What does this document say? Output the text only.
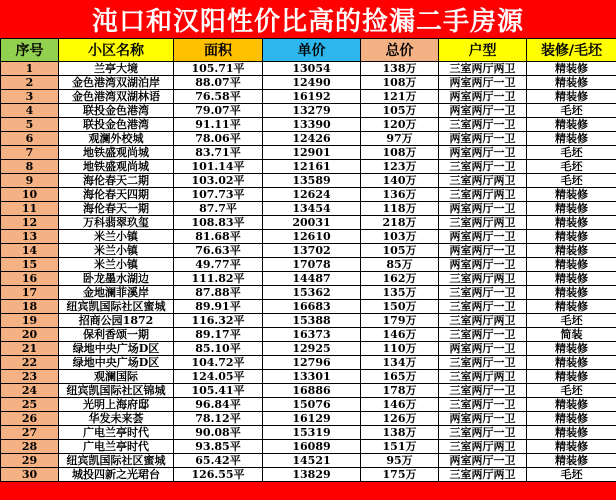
沌口和汉阳性价比高的捡漏二手房源
序号	小区名称	面积	单价	总价	户型	装修/毛坯
1	兰亭大境	105.71平	13054	138万	三室两厅两卫	精装修
2	金色港湾双湖泊岸	88.07平	12490	108万	两室两厅一卫	精装修
3	金色港湾双湖林语	76.58平	16192	121万	两室两厅一卫	精装修
4	联投金色港湾	79.07平	13279	105万	两室两厅一卫	毛坯
5	联投金色港湾	91.11平	13390	120万	三室两厅一卫	精装修
6	观澜外校城	78.06平	12426	97万	两室两厅一卫	精装修
7	地铁盛观尚城	83.71平	12901	108万	两室两厅一卫	毛坯
8	地铁盛观尚城	101.14平	12161	123万	三室两厅一卫	毛坯
9	海伦春天二期	103.02平	13589	140万	三室两厅两卫	毛坯
10	海伦春天四期	107.73平	12624	136万	三室两厅两卫	精装修
11	海伦春天一期	87.7平	13454	118万	两室两厅一卫	精装修
12	万科翡翠玖玺	108.83平	20031	218万	三室两厅两卫	精装修
13	米兰小镇	81.68平	12610	103万	两室两厅一卫	精装修
14	米兰小镇	76.63平	13702	105万	两室两厅一卫	精装修
15	米兰小镇	49.77平	17078	85万	两室两厅一卫	精装修
16	卧龙墨水湖边	111.82平	14487	162万	三室两厅两卫	精装修
17	金地澜菲溪岸	87.88平	15362	135万	三室两厅一卫	精装修
18	纽宾凯国际社区蜜城	89.91平	16683	150万	三室两厅一卫	精装修
19	招商公园1872	116.32平	15388	179万	三室两厅两卫	毛坯
20	保利香颂一期	89.17平	16373	146万	三室两厅一卫	简装
21	绿地中央广场D区	85.10平	12925	110万	两室两厅一卫	精装修
22	绿地中央广场D区	104.72平	12796	134万	三室两厅一卫	精装修
23	观澜国际	124.05平	13301	165万	三室两厅两卫	精装修
24	纽宾凯国际社区锦城	105.41平	16886	178万	三室两厅一卫	毛坯
25	光明上海府邸	96.84平	15076	146万	三室两厅一卫	精装修
26	华发未来荟	78.12平	16129	126万	两室两厅一卫	精装修
27	广电兰亭时代	90.08平	15319	138万	三室两厅一卫	精装修
28	广电兰亭时代	93.85平	16089	151万	三室两厅两卫	精装修
29	纽宾凯国际社区蜜城	65.42平	14521	95万	两室两厅一卫	精装修
30	城投四新之光珺台	126.55平	13829	175万	三室两厅两卫	毛坯
